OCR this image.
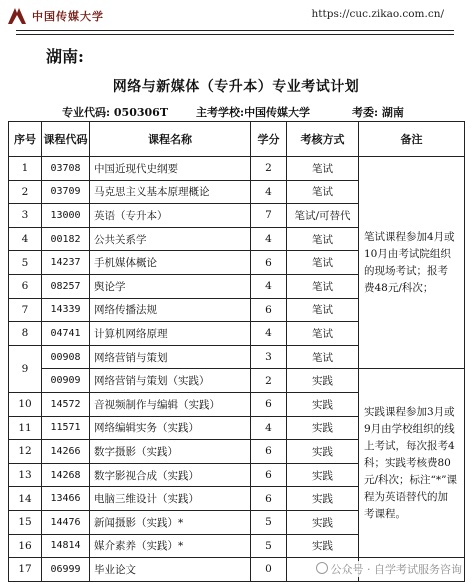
中国传媒大学	https://cuc.zikao.com.cn/
湖南:
网络与新媒体（专升本）专业考试计划
专业代码: 050306T	主考学校:中国传媒大学	考委: 湖南
序号	课程代码	课程名称	学分	考核方式	备注
1	03708	中国近现代史纲要	2	笔试	笔试课程参加4月或10月由考试院组织的现场考试；报考费48元/科次；
2	03709	马克思主义基本原理概论	4	笔试	
3	13000	英语（专升本）	7	笔试/可替代	
4	00182	公共关系学	4	笔试	
5	14237	手机媒体概论	6	笔试	
6	08257	舆论学	4	笔试	
7	14339	网络传播法规	6	笔试	
8	04741	计算机网络原理	4	笔试	
9	00908	网络营销与策划	3	笔试	
	00909	网络营销与策划（实践）	2	实践	实践课程参加3月或9月由学校组织的线上考试，每次报考4科；实践考核费80元/科次；标注“*”课程为英语替代的加考课程。
10	14572	音视频制作与编辑（实践）	6	实践	
11	11571	网络编辑实务（实践）	4	实践	
12	14266	数字摄影（实践）	6	实践	
13	14268	数字影视合成（实践）	6	实践	
14	13466	电脑三维设计（实践）	6	实践	
15	14476	新闻摄影（实践）*	5	实践	
16	14814	媒介素养（实践）*	5	实践	
17	06999	毕业论文	0			公众号 · 自学考试服务咨询
